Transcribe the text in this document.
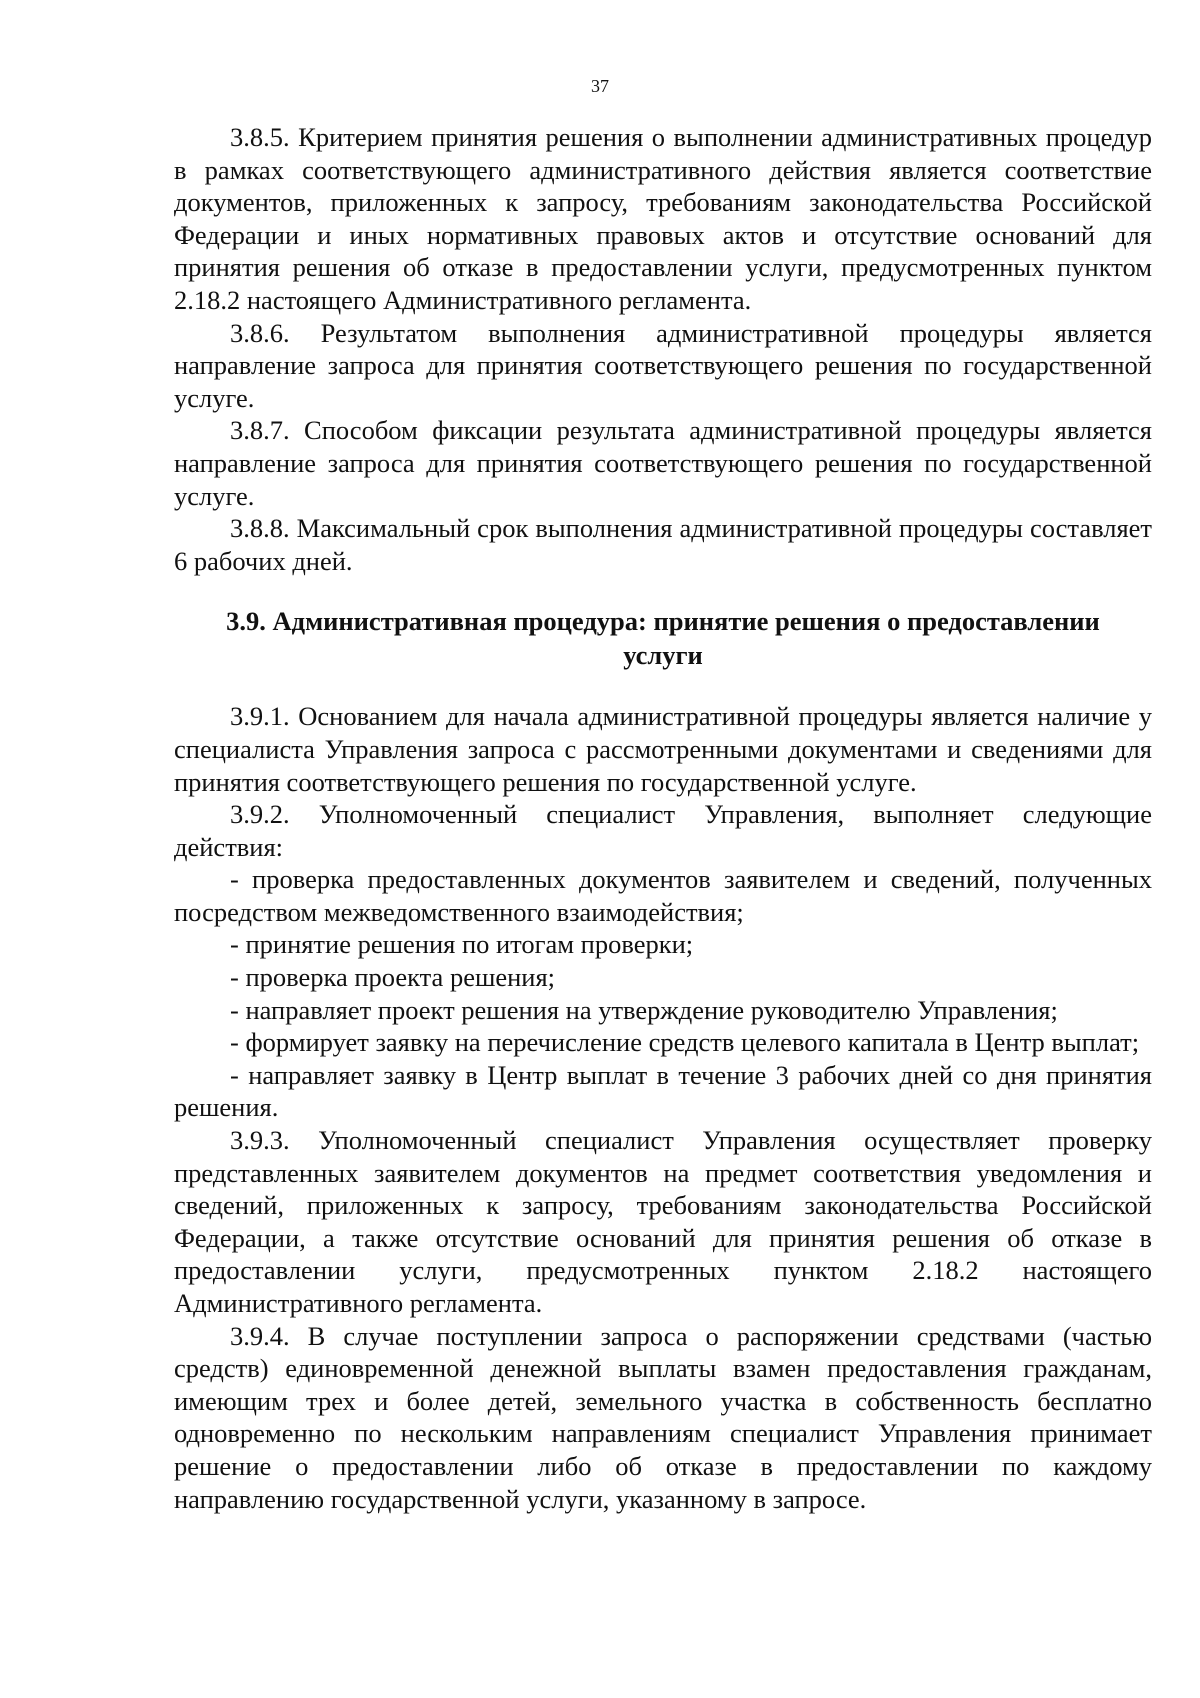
37

3.8.5. Критерием принятия решения о выполнении административных процедур в рамках соответствующего административного действия является соответствие документов, приложенных к запросу, требованиям законодательства Российской Федерации и иных нормативных правовых актов и отсутствие оснований для принятия решения об отказе в предоставлении услуги, предусмотренных пунктом 2.18.2 настоящего Административного регламента.

3.8.6. Результатом выполнения административной процедуры является направление запроса для принятия соответствующего решения по государственной услуге.

3.8.7. Способом фиксации результата административной процедуры является направление запроса для принятия соответствующего решения по государственной услуге.

3.8.8. Максимальный срок выполнения административной процедуры составляет 6 рабочих дней.

3.9. Административная процедура: принятие решения о предоставлении услуги

3.9.1. Основанием для начала административной процедуры является наличие у специалиста Управления запроса с рассмотренными документами и сведениями для принятия соответствующего решения по государственной услуге.

3.9.2. Уполномоченный специалист Управления, выполняет следующие действия:

- проверка предоставленных документов заявителем и сведений, полученных посредством межведомственного взаимодействия;

- принятие решения по итогам проверки;

- проверка проекта решения;

- направляет проект решения на утверждение руководителю Управления;

- формирует заявку на перечисление средств целевого капитала в Центр выплат;

- направляет заявку в Центр выплат в течение 3 рабочих дней со дня принятия решения.

3.9.3. Уполномоченный специалист Управления осуществляет проверку представленных заявителем документов на предмет соответствия уведомления и сведений, приложенных к запросу, требованиям законодательства Российской Федерации, а также отсутствие оснований для принятия решения об отказе в предоставлении услуги, предусмотренных пунктом 2.18.2 настоящего Административного регламента.

3.9.4. В случае поступлении запроса о распоряжении средствами (частью средств) единовременной денежной выплаты взамен предоставления гражданам, имеющим трех и более детей, земельного участка в собственность бесплатно одновременно по нескольким направлениям специалист Управления принимает решение о предоставлении либо об отказе в предоставлении по каждому направлению государственной услуги, указанному в запросе.
